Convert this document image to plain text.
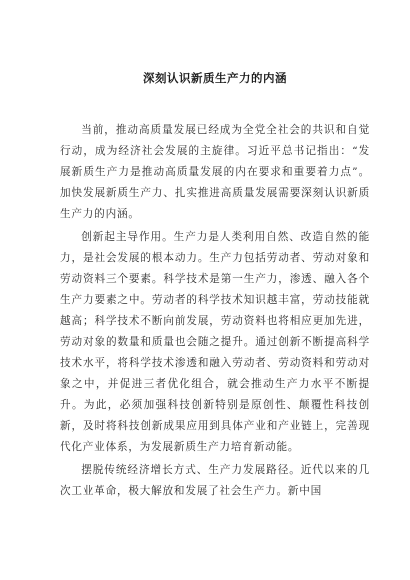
深刻认识新质生产力的内涵

当前，推动高质量发展已经成为全党全社会的共识和自觉行动，成为经济社会发展的主旋律。习近平总书记指出：“发展新质生产力是推动高质量发展的内在要求和重要着力点”。加快发展新质生产力、扎实推进高质量发展需要深刻认识新质生产力的内涵。

创新起主导作用。生产力是人类利用自然、改造自然的能力，是社会发展的根本动力。生产力包括劳动者、劳动对象和劳动资料三个要素。科学技术是第一生产力，渗透、融入各个生产力要素之中。劳动者的科学技术知识越丰富，劳动技能就越高；科学技术不断向前发展，劳动资料也将相应更加先进，劳动对象的数量和质量也会随之提升。通过创新不断提高科学技术水平，将科学技术渗透和融入劳动者、劳动资料和劳动对象之中，并促进三者优化组合，就会推动生产力水平不断提升。为此，必须加强科技创新特别是原创性、颠覆性科技创新，及时将科技创新成果应用到具体产业和产业链上，完善现代化产业体系，为发展新质生产力培育新动能。

摆脱传统经济增长方式、生产力发展路径。近代以来的几次工业革命，极大解放和发展了社会生产力。新中国
